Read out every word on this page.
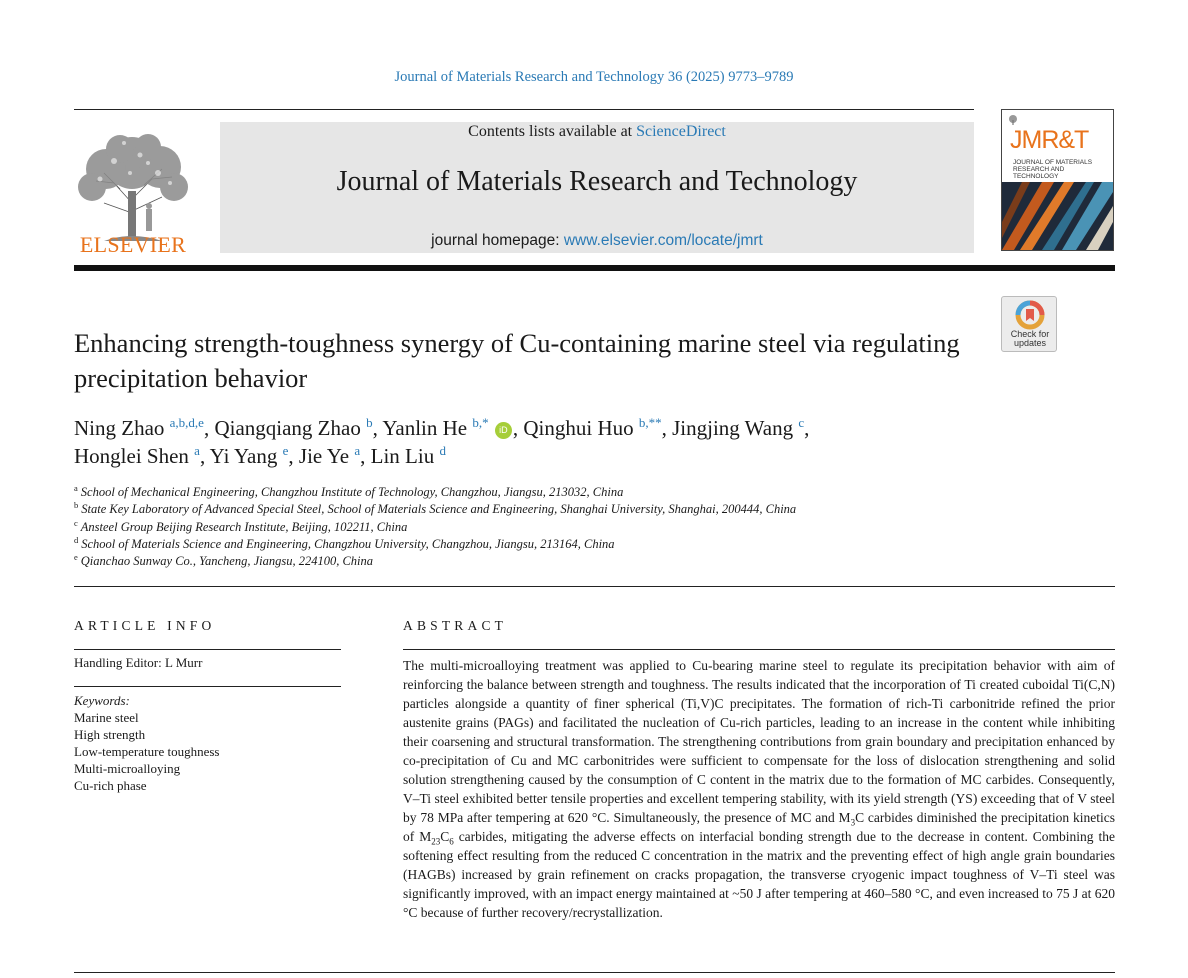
Journal of Materials Research and Technology 36 (2025) 9773–9789
ELSEVIER
Contents lists available at ScienceDirect
Journal of Materials Research and Technology
journal homepage: www.elsevier.com/locate/jmrt
JMR&T
JOURNAL OF MATERIALS RESEARCH AND TECHNOLOGY
Check for
updates
Enhancing strength-toughness synergy of Cu-containing marine steel via regulating precipitation behavior
Ning Zhao $^{a,b,d,e}$, Qiangqiang Zhao $^b$, Yanlin He $^{b,*}$ iD , Qinghui Huo $^{b,**}$, Jingjing Wang $^c$,
Honglei Shen $^a$, Yi Yang $^e$, Jie Ye $^a$, Lin Liu $^d$
$^a$ School of Mechanical Engineering, Changzhou Institute of Technology, Changzhou, Jiangsu, 213032, China
$^b$ State Key Laboratory of Advanced Special Steel, School of Materials Science and Engineering, Shanghai University, Shanghai, 200444, China
$^c$ Ansteel Group Beijing Research Institute, Beijing, 102211, China
$^d$ School of Materials Science and Engineering, Changzhou University, Changzhou, Jiangsu, 213164, China
$^e$ Qianchao Sunway Co., Yancheng, Jiangsu, 224100, China
ARTICLE INFO	ABSTRACT
Handling Editor: L Murr
Keywords:
Marine steel
High strength
Low-temperature toughness
Multi-microalloying
Cu-rich phase
The multi-microalloying treatment was applied to Cu-bearing marine steel to regulate its precipitation behavior with aim of reinforcing the balance between strength and toughness. The results indicated that the incorporation of Ti created cuboidal Ti(C,N) particles alongside a quantity of finer spherical (Ti,V)C precipitates. The formation of rich-Ti carbonitride refined the prior austenite grains (PAGs) and facilitated the nucleation of Cu-rich particles, leading to an increase in the content while inhibiting their coarsening and structural transformation. The strengthening contributions from grain boundary and precipitation enhanced by co-precipitation of Cu and MC carbonitrides were sufficient to compensate for the loss of dislocation strengthening and solid solution strengthening caused by the consumption of C content in the matrix due to the formation of MC carbides. Consequently, V–Ti steel exhibited better tensile properties and excellent tempering stability, with its yield strength (YS) exceeding that of V steel by 78 MPa after tempering at 620 °C. Simultaneously, the presence of MC and $M_3C$ carbides diminished the precipitation kinetics of $M_{23}C_6$ carbides, mitigating the adverse effects on interfacial bonding strength due to the decrease in content. Combining the softening effect resulting from the reduced C concentration in the matrix and the preventing effect of high angle grain boundaries (HAGBs) increased by grain refinement on cracks propagation, the transverse cryogenic impact toughness of V–Ti steel was significantly improved, with an impact energy maintained at ~50 J after tempering at 460–580 °C, and even increased to 75 J at 620 °C because of further recovery/recrystallization.
